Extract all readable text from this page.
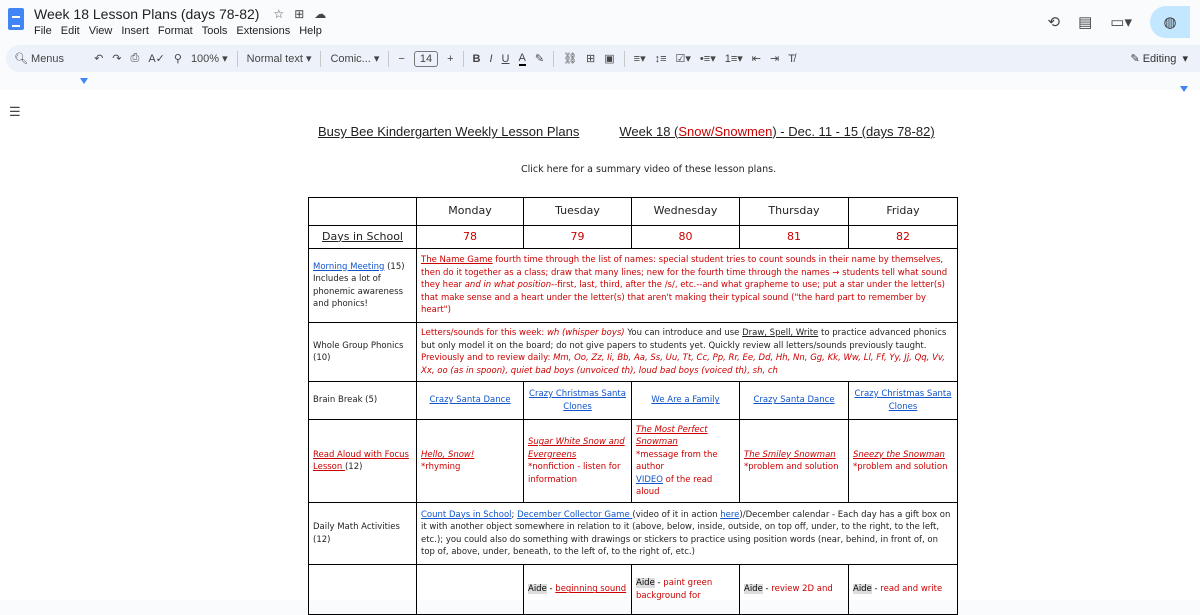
Week 18 Lesson Plans (days 78-82) ☆ ⊞ ☁
File Edit View Insert Format Tools Extensions Help	⟲ ▤ ▭▾ ◍
🔍︎ Menus	↶ ↷ ⎙ A✓ ⚲ 100% ▾ Normal text ▾ Comic... ▾ −	14	+ B I U A ✎ ⛓ ⊞ ▣ ≡▾ ↕≡ ☑▾ •≡▾ 1≡▾ ⇤ ⇥ T̸	✎ Editing  ▾
☰
Busy Bee Kindergarten Weekly Lesson Plans	Week 18 (Snow/Snowmen) - Dec. 11 - 15 (days 78-82)
Click here for a summary video of these lesson plans.
	Monday	Tuesday	Wednesday	Thursday	Friday
Days in School	78	79	80	81	82
Morning Meeting (15) Includes a lot of phonemic awareness and phonics!	The Name Game fourth time through the list of names: special student tries to count sounds in their name by themselves, then do it together as a class; draw that many lines; new for the fourth time through the names → students tell what sound they hear and in what position--first, last, third, after the /s/, etc.--and what grapheme to use; put a star under the letter(s) that make sense and a heart under the letter(s) that aren't making their typical sound ("the hard part to remember by heart")				
Whole Group Phonics (10)	Letters/sounds for this week: wh (whisper boys) You can introduce and use Draw, Spell, Write to practice advanced phonics but only model it on the board; do not give papers to students yet. Quickly review all letters/sounds previously taught. Previously and to review daily: Mm, Oo, Zz, Ii, Bb, Aa, Ss, Uu, Tt, Cc, Pp, Rr, Ee, Dd, Hh, Nn, Gg, Kk, Ww, Ll, Ff, Yy, Jj, Qq, Vv, Xx, oo (as in spoon), quiet bad boys (unvoiced th), loud bad boys (voiced th), sh, ch				
Brain Break (5)	Crazy Santa Dance	Crazy Christmas Santa Clones	We Are a Family	Crazy Santa Dance	Crazy Christmas Santa Clones
Read Aloud with Focus Lesson (12)	Hello, Snow!
*rhyming	Sugar White Snow and Evergreens
*nonfiction - listen for information	The Most Perfect Snowman
*message from the author
VIDEO of the read aloud	The Smiley Snowman
*problem and solution	Sneezy the Snowman
*problem and solution
Daily Math Activities (12)	Count Days in School; December Collector Game (video of it in action here)/December calendar - Each day has a gift box on it with another object somewhere in relation to it (above, below, inside, outside, on top off, under, to the right, to the left, etc.); you could also do something with drawings or stickers to practice using position words (near, behind, in front of, on top of, above, under, beneath, to the left of, to the right of, etc.)				
		Aide - beginning sound	Aide - paint green background for	Aide - review 2D and	Aide - read and write
